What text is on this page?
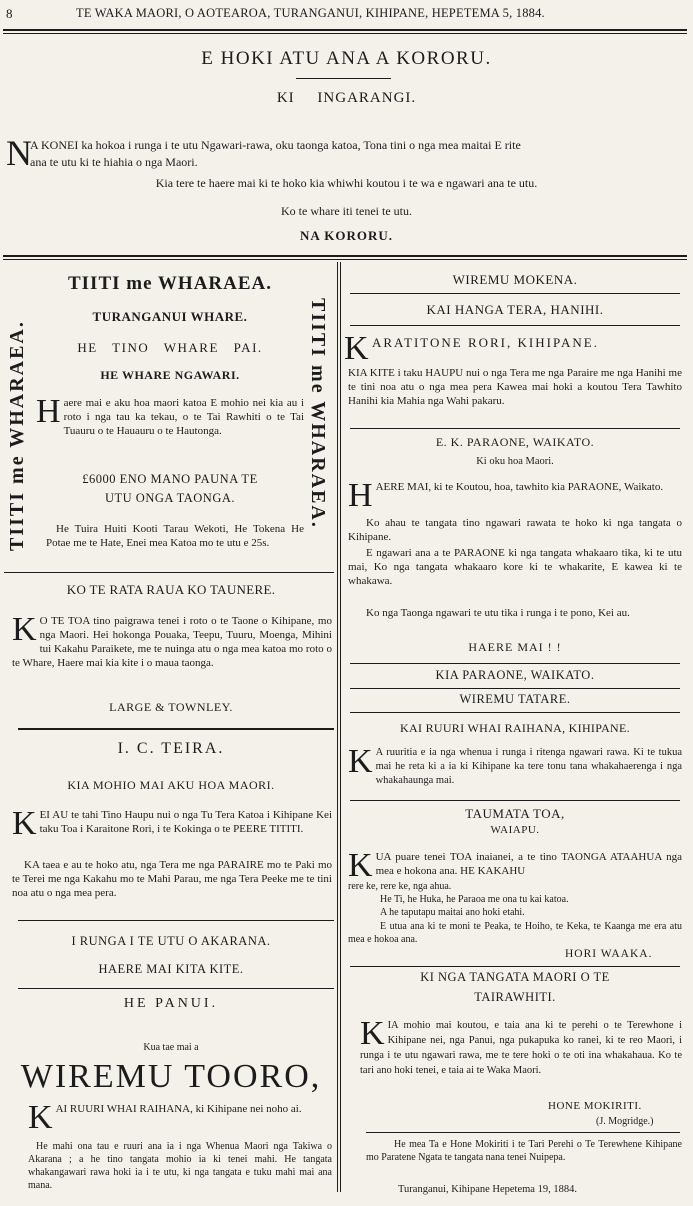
8	TE WAKA MAORI, O AOTEAROA, TURANGANUI, KIHIPANE, HEPETEMA 5, 1884.
E HOKI ATU ANA A KORORU.
KI INGARANGI.
N
A KONEI ka hokoa i runga i te utu Ngawari-rawa, oku taonga katoa, Tona tini o nga mea maitai E rite
ana te utu ki te hiahia o nga Maori.
Kia tere te haere mai ki te hoko kia whiwhi koutou i te wa e ngawari ana te utu.
Ko te whare iti tenei te utu.
NA KORORU.
TIITI me WHARAEA.	TIITI me WHARAEA.
TIITI me WHARAEA.
TURANGANUI WHARE.
HE TINO WHARE PAI.
HE WHARE NGAWARI.
Haere mai e aku hoa maori katoa E mohio nei kia au i roto i nga tau ka tekau, o te Tai Rawhiti o te Tai Tuauru o te Hauauru o te Hautonga.
£6000 ENO MANO PAUNA TE
UTU ONGA TAONGA.
He Tuira Huiti Kooti Tarau Wekoti, He Tokena He Potae me te Hate, Enei mea Katoa mo te utu e 25s.
KO TE RATA RAUA KO TAUNERE.
K O TE TOA tino paigrawa tenei i roto o te Taone o Kihipane, mo nga Maori. Hei hokonga Pouaka, Teepu, Tuuru, Moenga, Mihini tui Kakahu Paraikete, me te nuinga atu o nga mea katoa mo roto o te Whare, Haere mai kia kite i o maua taonga.
LARGE & TOWNLEY.
I. C. TEIRA.
KIA MOHIO MAI AKU HOA MAORI.
KEI AU te tahi Tino Haupu nui o nga Tu Tera Katoa i Kihipane Kei taku Toa i Karaitone Rori, i te Kokinga o te PEERE TITITI.
KA taea e au te hoko atu, nga Tera me nga PARAIRE mo te Paki mo te Terei me nga Kakahu mo te Mahi Parau, me nga Tera Peeke me te tini noa atu o nga mea pera.
I RUNGA I TE UTU O AKARANA.
HAERE MAI KITA KITE.
HE PANUI.
Kua tae mai a
WIREMU TOORO,
KAI RUURI WHAI RAIHANA, ki Kihipane nei noho ai.
He mahi ona tau e ruuri ana ia i nga Whenua Maori nga Takiwa o Akarana ; a he tino tangata mohio ia ki tenei mahi. He tangata whakangawari rawa hoki ia i te utu, ki nga tangata e tuku mahi mai ana mana.
WIREMU MOKENA.
KAI HANGA TERA, HANIHI.
K ARATITONE RORI, KIHIPANE.
KIA KITE i taku HAUPU nui o nga Tera me nga Paraire me nga Hanihi me te tini noa atu o nga mea pera Kawea mai hoki a koutou Tera Tawhito Hanihi kia Mahia nga Wahi pakaru.
E. K. PARAONE, WAIKATO.
Ki oku hoa Maori.
HAERE MAI, ki te Koutou, hoa, tawhito kia PARAONE, Waikato.
Ko ahau te tangata tino ngawari rawata te hoko ki nga tangata o Kihipane.
E ngawari ana a te PARAONE ki nga tangata whakaaro tika, ki te utu mai, Ko nga tangata whakaaro kore ki te whakarite, E kawea ki te whakawa.
Ko nga Taonga ngawari te utu tika i runga i te pono, Kei au.
HAERE MAI ! !
KIA PARAONE, WAIKATO.
WIREMU TATARE.
KAI RUURI WHAI RAIHANA, KIHIPANE.
K A ruuritia e ia nga whenua i runga i ritenga ngawari rawa. Ki te tukua mai he reta ki a ia ki Kihipane ka tere tonu tana whakahaerenga i nga whakahaunga mai.
TAUMATA TOA,
WAIAPU.
KUA puare tenei TOA inaianei, a te tino TAONGA ATAAHUA nga mea e hokona ana. HE KAKAHU
rere ke, rere ke, nga ahua.
He Ti, he Huka, he Paraoa me ona tu kai katoa.
A he taputapu maitai ano hoki etahi.
E utua ana ki te moni te Peaka, te Hoiho, te Keka, te Kaanga me era atu mea e hokoa ana.
HORI WAAKA.
KI NGA TANGATA MAORI O TE
TAIRAWHITI.
KIA mohio mai koutou, e taia ana ki te perehi o te Terewhone i Kihipane nei, nga Panui, nga pukapuka ko ranei, ki te reo Maori, i runga i te utu ngawari rawa, me te tere hoki o te oti ina whakahaua. Ko te tari ano hoki tenei, e taia ai te Waka Maori.
HONE MOKIRITI.
(J. Mogridge.)
He mea Ta e Hone Mokiriti i te Tari Perehi o Te Terewhene Kihipane mo Paratene Ngata te tangata nana tenei Nuipepa.
Turanganui, Kihipane Hepetema 19, 1884.
